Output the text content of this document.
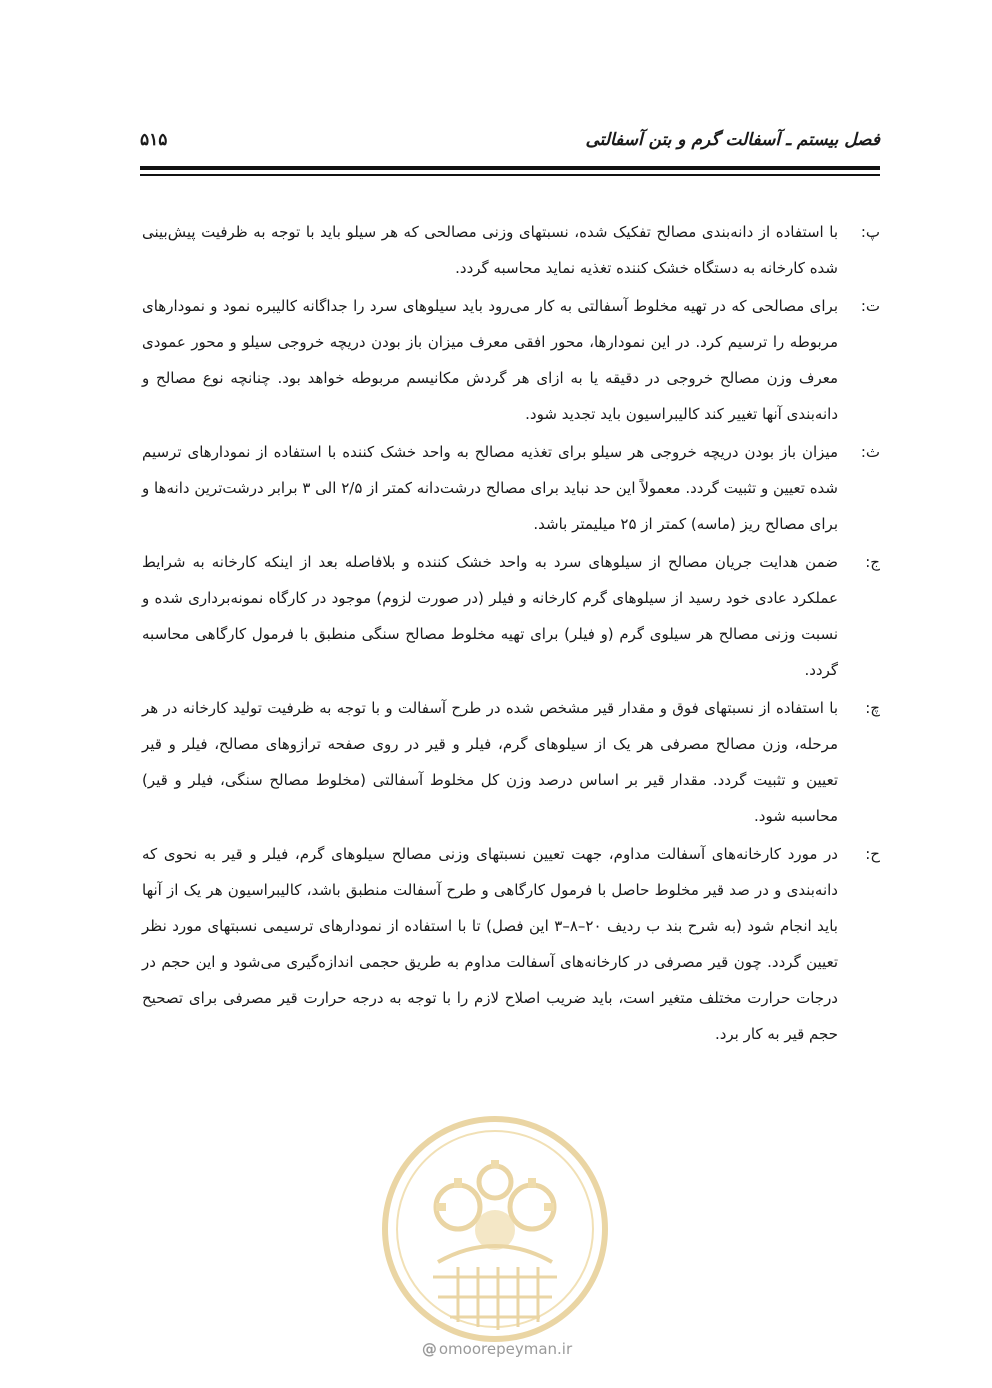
فصل بیستم ـ آسفالت گرم و بتن آسفالتی
۵۱۵
پ:
با استفاده از دانه‌بندی مصالح تفکیک شده، نسبتهای وزنی مصالحی که هر سیلو باید با توجه به ظرفیت پیش‌بینی شده کارخانه به دستگاه خشک کننده تغذیه نماید محاسبه گردد.
ت:
برای مصالحی که در تهیه مخلوط آسفالتی به کار می‌رود باید سیلوهای سرد را جداگانه کالیبره نمود و نمودارهای مربوطه را ترسیم کرد. در این نمودارها، محور افقی معرف میزان باز بودن دریچه خروجی سیلو و محور عمودی معرف وزن مصالح خروجی در دقیقه یا به ازای هر گردش مکانیسم مربوطه خواهد بود. چنانچه نوع مصالح و دانه‌بندی آنها تغییر کند کالیبراسیون باید تجدید شود.
ث:
میزان باز بودن دریچه خروجی هر سیلو برای تغذیه مصالح به واحد خشک کننده با استفاده از نمودارهای ترسیم شده تعیین و تثبیت گردد. معمولاً این حد نباید برای مصالح درشت‌دانه کمتر از ۲/۵ الی ۳ برابر درشت‌ترین دانه‌ها و برای مصالح ریز (ماسه) کمتر از ۲۵ میلیمتر باشد.
ج:
ضمن هدایت جریان مصالح از سیلوهای سرد به واحد خشک کننده و بلافاصله بعد از اینکه کارخانه به شرایط عملکرد عادی خود رسید از سیلوهای گرم کارخانه و فیلر (در صورت لزوم) موجود در کارگاه نمونه‌برداری شده و نسبت وزنی مصالح هر سیلوی گرم (و فیلر) برای تهیه مخلوط مصالح سنگی منطبق با فرمول کارگاهی محاسبه گردد.
چ:
با استفاده از نسبتهای فوق و مقدار قیر مشخص شده در طرح آسفالت و با توجه به ظرفیت تولید کارخانه در هر مرحله، وزن مصالح مصرفی هر یک از سیلوهای گرم، فیلر و قیر در روی صفحه ترازوهای مصالح، فیلر و قیر تعیین و تثبیت گردد. مقدار قیر بر اساس درصد وزن کل مخلوط آسفالتی (مخلوط مصالح سنگی، فیلر و قیر) محاسبه شود.
ح:
در مورد کارخانه‌های آسفالت مداوم، جهت تعیین نسبتهای وزنی مصالح سیلوهای گرم، فیلر و قیر به نحوی که دانه‌بندی و در صد قیر مخلوط حاصل با فرمول کارگاهی و طرح آسفالت منطبق باشد، کالیبراسیون هر یک از آنها باید انجام شود (به شرح بند ب ردیف ۲۰–۸–۳ این فصل) تا با استفاده از نمودارهای ترسیمی نسبتهای مورد نظر تعیین گردد. چون قیر مصرفی در کارخانه‌های آسفالت مداوم به طریق حجمی اندازه‌گیری می‌شود و این حجم در درجات حرارت مختلف متغیر است، باید ضریب اصلاح لازم را با توجه به درجه حرارت قیر مصرفی برای تصحیح حجم قیر به کار برد.
@ omoorepeyman.ir
